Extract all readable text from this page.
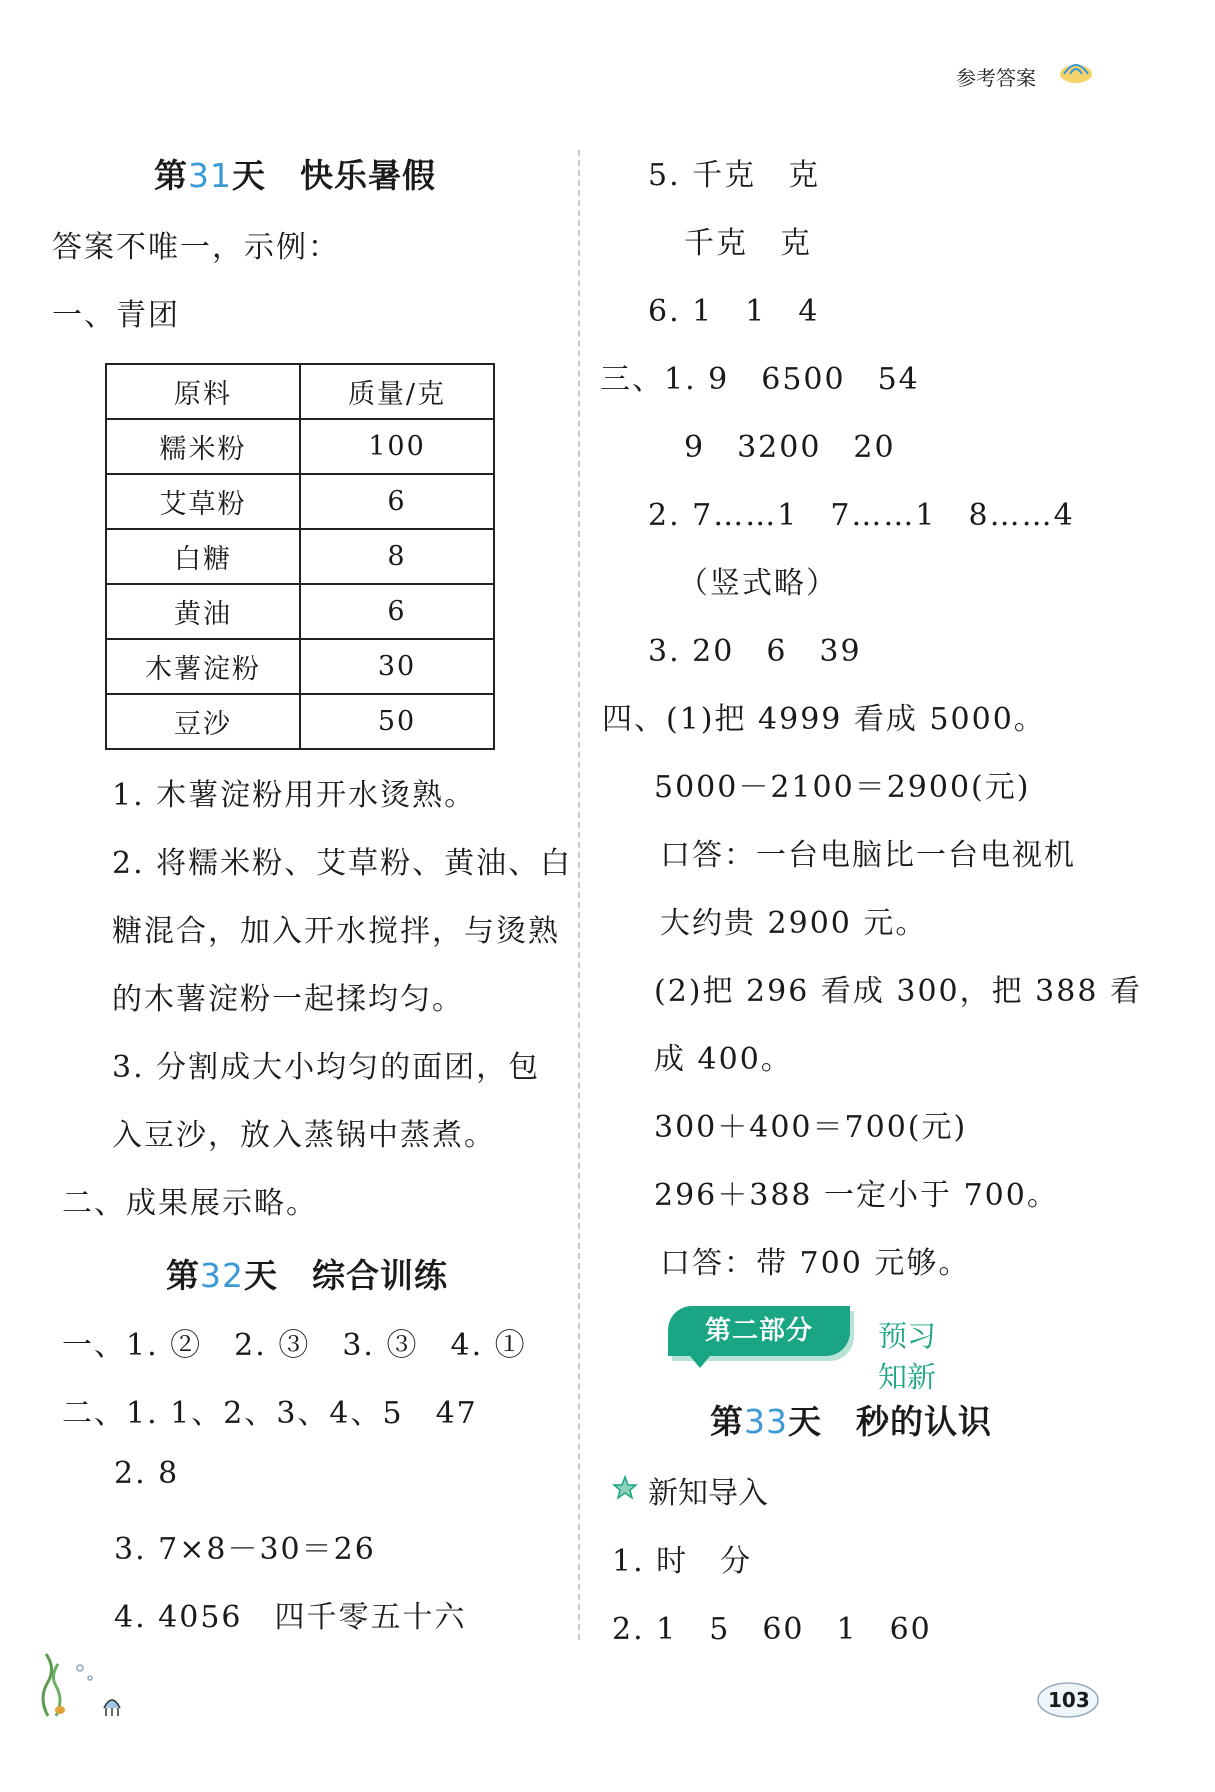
参考答案
第31天　快乐暑假
答案不唯一，示例：
一、青团
原料	质量/克
糯米粉	100
艾草粉	6
白糖	8
黄油	6
木薯淀粉	30
豆沙	50
1. 木薯淀粉用开水烫熟。
2. 将糯米粉、艾草粉、黄油、白
糖混合，加入开水搅拌，与烫熟
的木薯淀粉一起揉均匀。
3. 分割成大小均匀的面团，包
入豆沙，放入蒸锅中蒸煮。
二、成果展示略。
第32天　综合训练
一、1. ②　2. ③　3. ③　4. ①
二、1. 1、2、3、4、5　47
2. 8
3. 7×8－30＝26
4. 4056　四千零五十六
5. 千克　克
千克　克
6. 1　1　4
三、1. 9　6500　54
9　3200　20
2. 7……1　7……1　8……4
（竖式略）
3. 20　6　39
四、(1)把 4999 看成 5000。
5000－2100＝2900(元)
口答：一台电脑比一台电视机
大约贵 2900 元。
(2)把 296 看成 300，把 388 看
成 400。
300＋400＝700(元)
296＋388 一定小于 700。
口答：带 700 元够。
第二部分	预习知新
第33天　秒的认识
新知导入
1. 时　分
2. 1　5　60　1　60
103
